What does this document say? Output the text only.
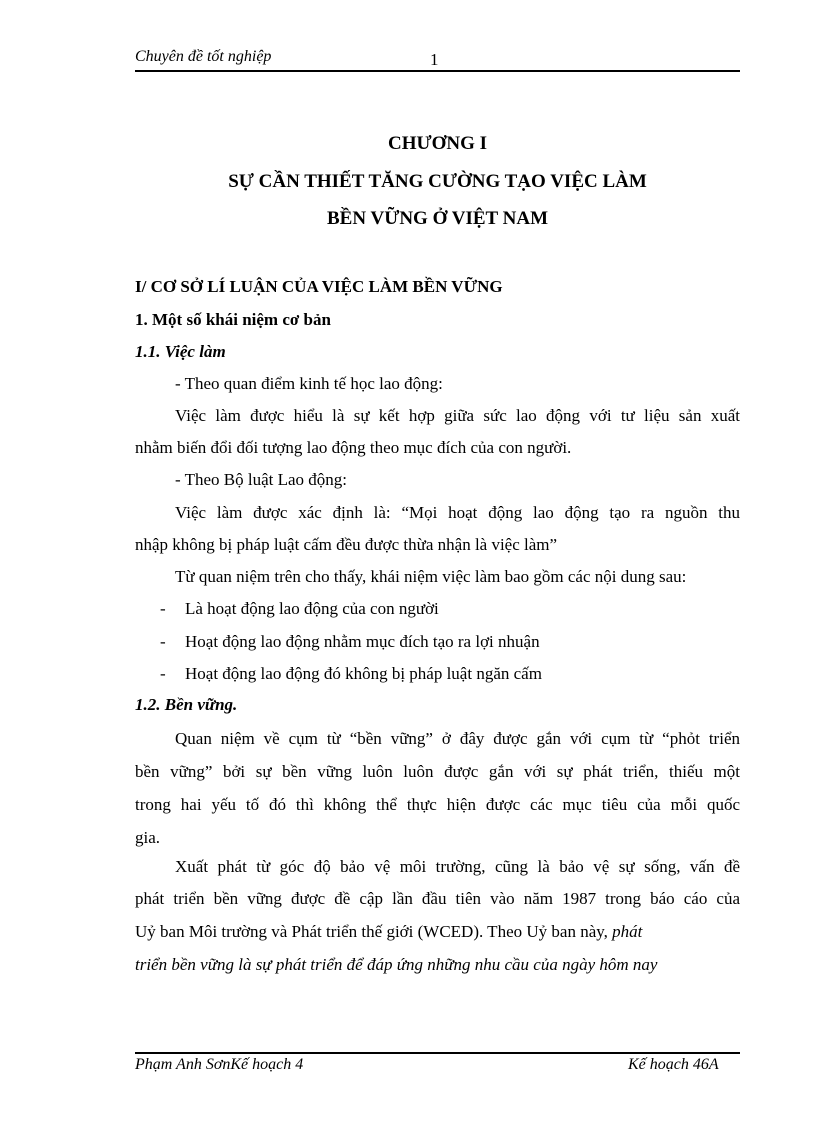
Chuyên đề tốt nghiệp	1
CHƯƠNG I
SỰ CẦN THIẾT TĂNG CƯỜNG TẠO VIỆC LÀM
BỀN VỮNG Ở VIỆT NAM
I/ CƠ SỞ LÍ LUẬN CỦA VIỆC LÀM BỀN VỮNG
1. Một số khái niệm cơ bản
1.1. Việc làm
- Theo quan điểm kinh tế học lao động:
Việc làm được hiểu là sự kết hợp giữa sức lao động với tư liệu sản xuất
nhằm biến đổi đối tượng lao động theo mục đích của con người.
- Theo Bộ luật Lao động:
Việc làm được xác định là: “Mọi hoạt động lao động tạo ra nguồn thu
nhập không bị pháp luật cấm đều được thừa nhận là việc làm”
Từ quan niệm trên cho thấy, khái niệm việc làm bao gồm các nội dung sau:
- Là hoạt động lao động của con người
- Hoạt động lao động nhằm mục đích tạo ra lợi nhuận
- Hoạt động lao động đó không bị pháp luật ngăn cấm
1.2. Bền vững.
Quan niệm về cụm từ “bền vững” ở đây được gắn với cụm từ “phỏt triển
bền vững” bởi sự bền vững luôn luôn được gắn với sự phát triển, thiếu một
trong hai yếu tố đó thì không thể thực hiện được các mục tiêu của mỗi quốc
gia.
Xuất phát từ góc độ bảo vệ môi trường, cũng là bảo vệ sự sống, vấn đề
phát triển bền vững được đề cập lần đầu tiên vào năm 1987 trong báo cáo của
Uỷ ban Môi trường và Phát triển thế giới (WCED). Theo Uỷ ban này, phát
triển bền vững là sự phát triển để đáp ứng những nhu cầu của ngày hôm nay
Phạm Anh SơnKế hoạch 4	Kế hoạch 46A
